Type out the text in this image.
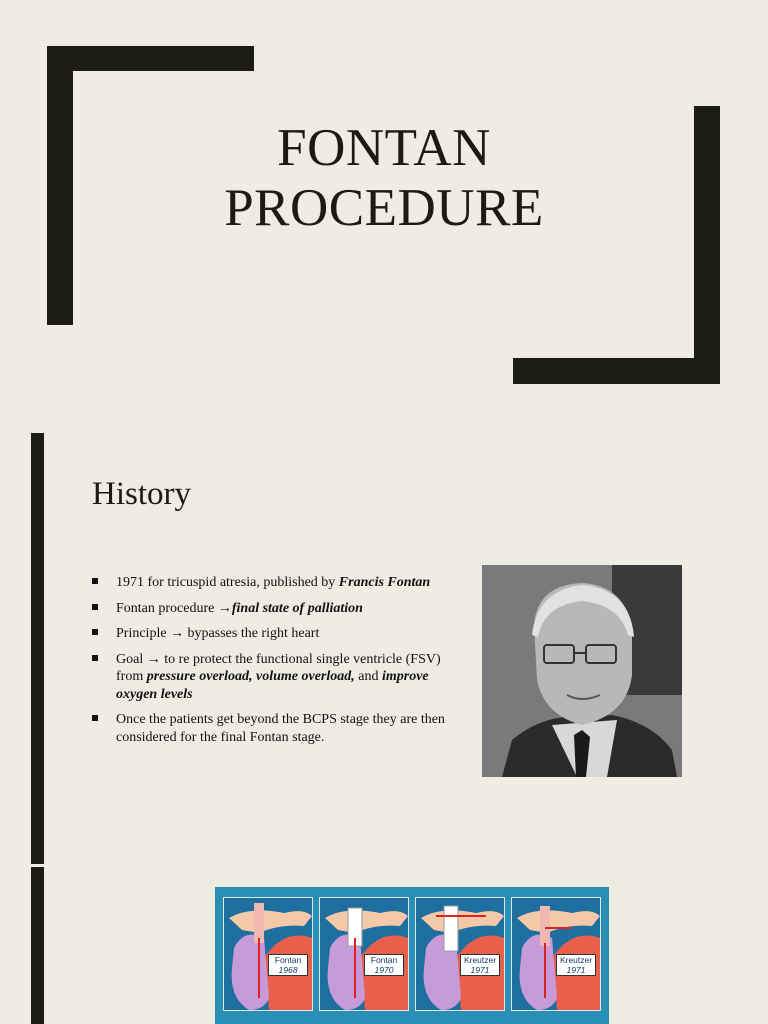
FONTAN
PROCEDURE
History
1971 for tricuspid atresia, published by Francis Fontan
Fontan procedure →final state of palliation
Principle → bypasses the right heart
Goal → to re protect the functional single ventricle (FSV) from pressure overload, volume overload, and improve oxygen levels
Once the patients get beyond the BCPS stage they are then considered for the final Fontan stage.
Fontan
1968
Fontan
1970
Kreutzer
1971
Kreutzer
1971
